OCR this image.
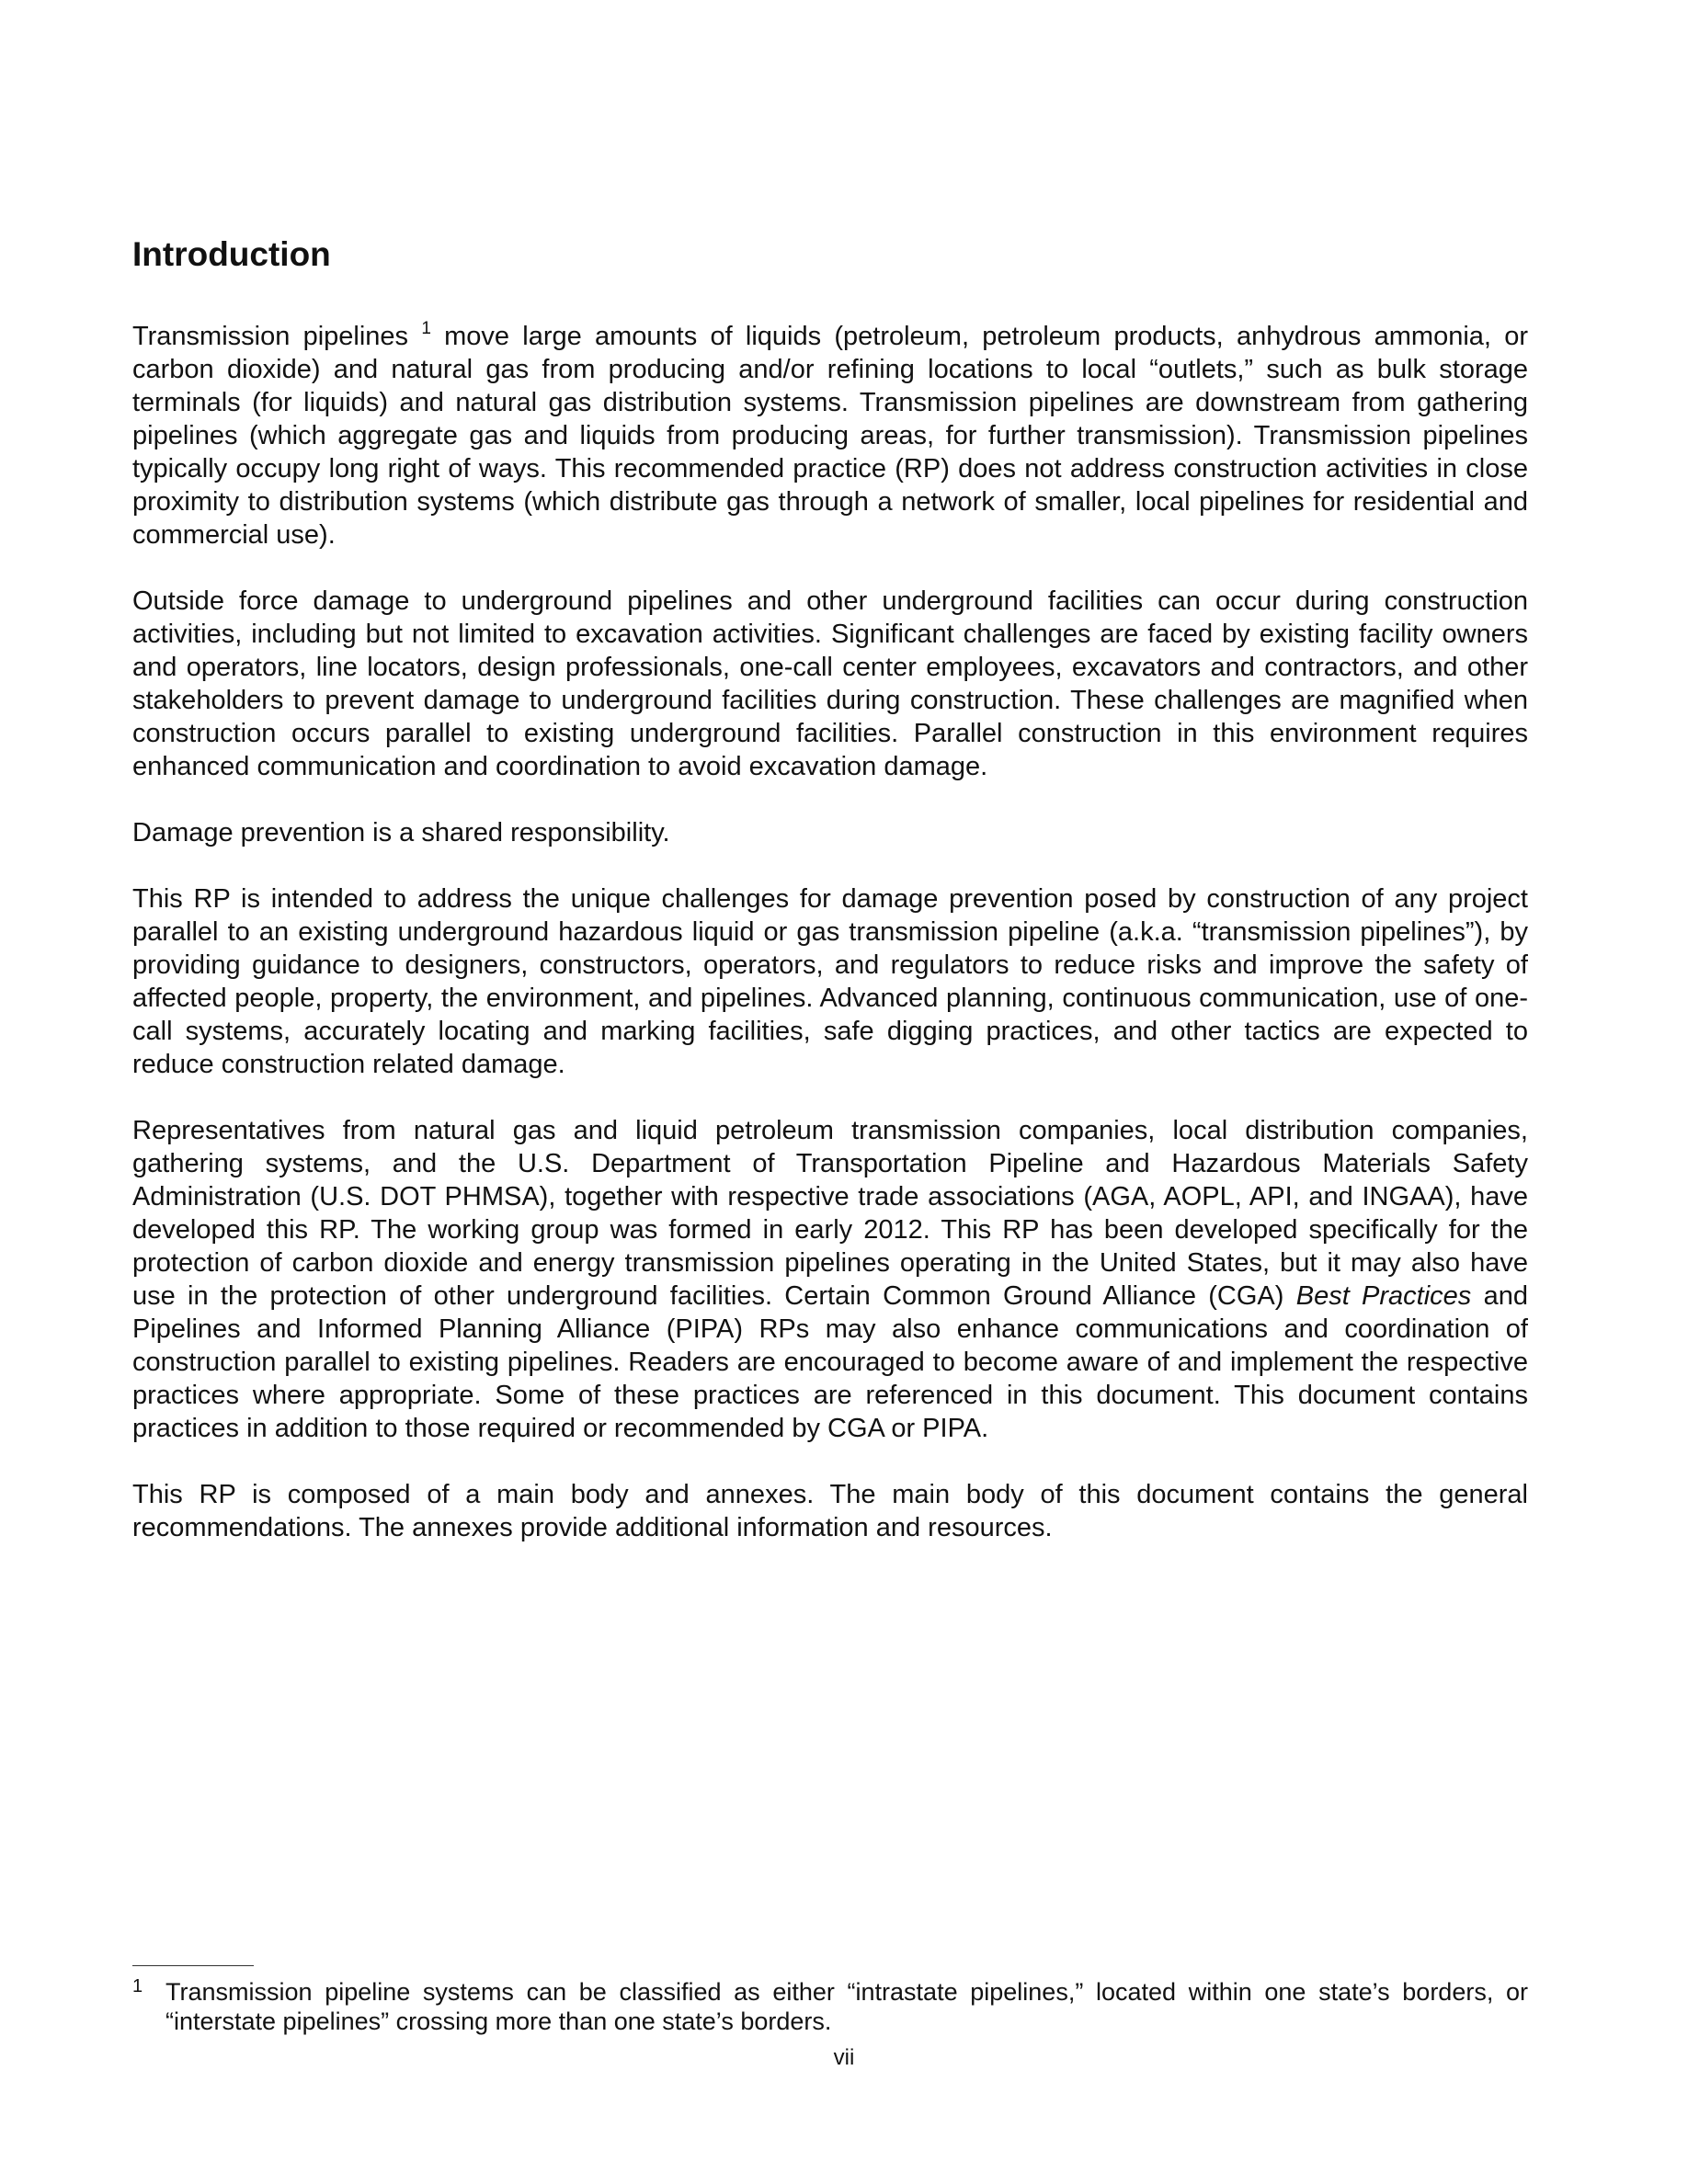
Introduction

Transmission pipelines $^1$ move large amounts of liquids (petroleum, petroleum products, anhydrous ammonia, or carbon dioxide) and natural gas from producing and/or refining locations to local “outlets,” such as bulk storage terminals (for liquids) and natural gas distribution systems. Transmission pipelines are downstream from gathering pipelines (which aggregate gas and liquids from producing areas, for further transmission). Transmission pipelines typically occupy long right of ways. This recommended practice (RP) does not address construction activities in close proximity to distribution systems (which distribute gas through a network of smaller, local pipelines for residential and commercial use).

Outside force damage to underground pipelines and other underground facilities can occur during construction activities, including but not limited to excavation activities. Significant challenges are faced by existing facility owners and operators, line locators, design professionals, one-call center employees, excavators and contractors, and other stakeholders to prevent damage to underground facilities during construction. These challenges are magnified when construction occurs parallel to existing underground facilities. Parallel construction in this environment requires enhanced communication and coordination to avoid excavation damage.

Damage prevention is a shared responsibility.

This RP is intended to address the unique challenges for damage prevention posed by construction of any project parallel to an existing underground hazardous liquid or gas transmission pipeline (a.k.a. “transmission pipelines”), by providing guidance to designers, constructors, operators, and regulators to reduce risks and improve the safety of affected people, property, the environment, and pipelines. Advanced planning, continuous communication, use of one-call systems, accurately locating and marking facilities, safe digging practices, and other tactics are expected to reduce construction related damage.

Representatives from natural gas and liquid petroleum transmission companies, local distribution companies, gathering systems, and the U.S. Department of Transportation Pipeline and Hazardous Materials Safety Administration (U.S. DOT PHMSA), together with respective trade associations (AGA, AOPL, API, and INGAA), have developed this RP. The working group was formed in early 2012. This RP has been developed specifically for the protection of carbon dioxide and energy transmission pipelines operating in the United States, but it may also have use in the protection of other underground facilities. Certain Common Ground Alliance (CGA) Best Practices and Pipelines and Informed Planning Alliance (PIPA) RPs may also enhance communications and coordination of construction parallel to existing pipelines. Readers are encouraged to become aware of and implement the respective practices where appropriate. Some of these practices are referenced in this document. This document contains practices in addition to those required or recommended by CGA or PIPA.

This RP is composed of a main body and annexes. The main body of this document contains the general recommendations. The annexes provide additional information and resources.

1 Transmission pipeline systems can be classified as either “intrastate pipelines,” located within one state’s borders, or “interstate pipelines” crossing more than one state’s borders.
vii
